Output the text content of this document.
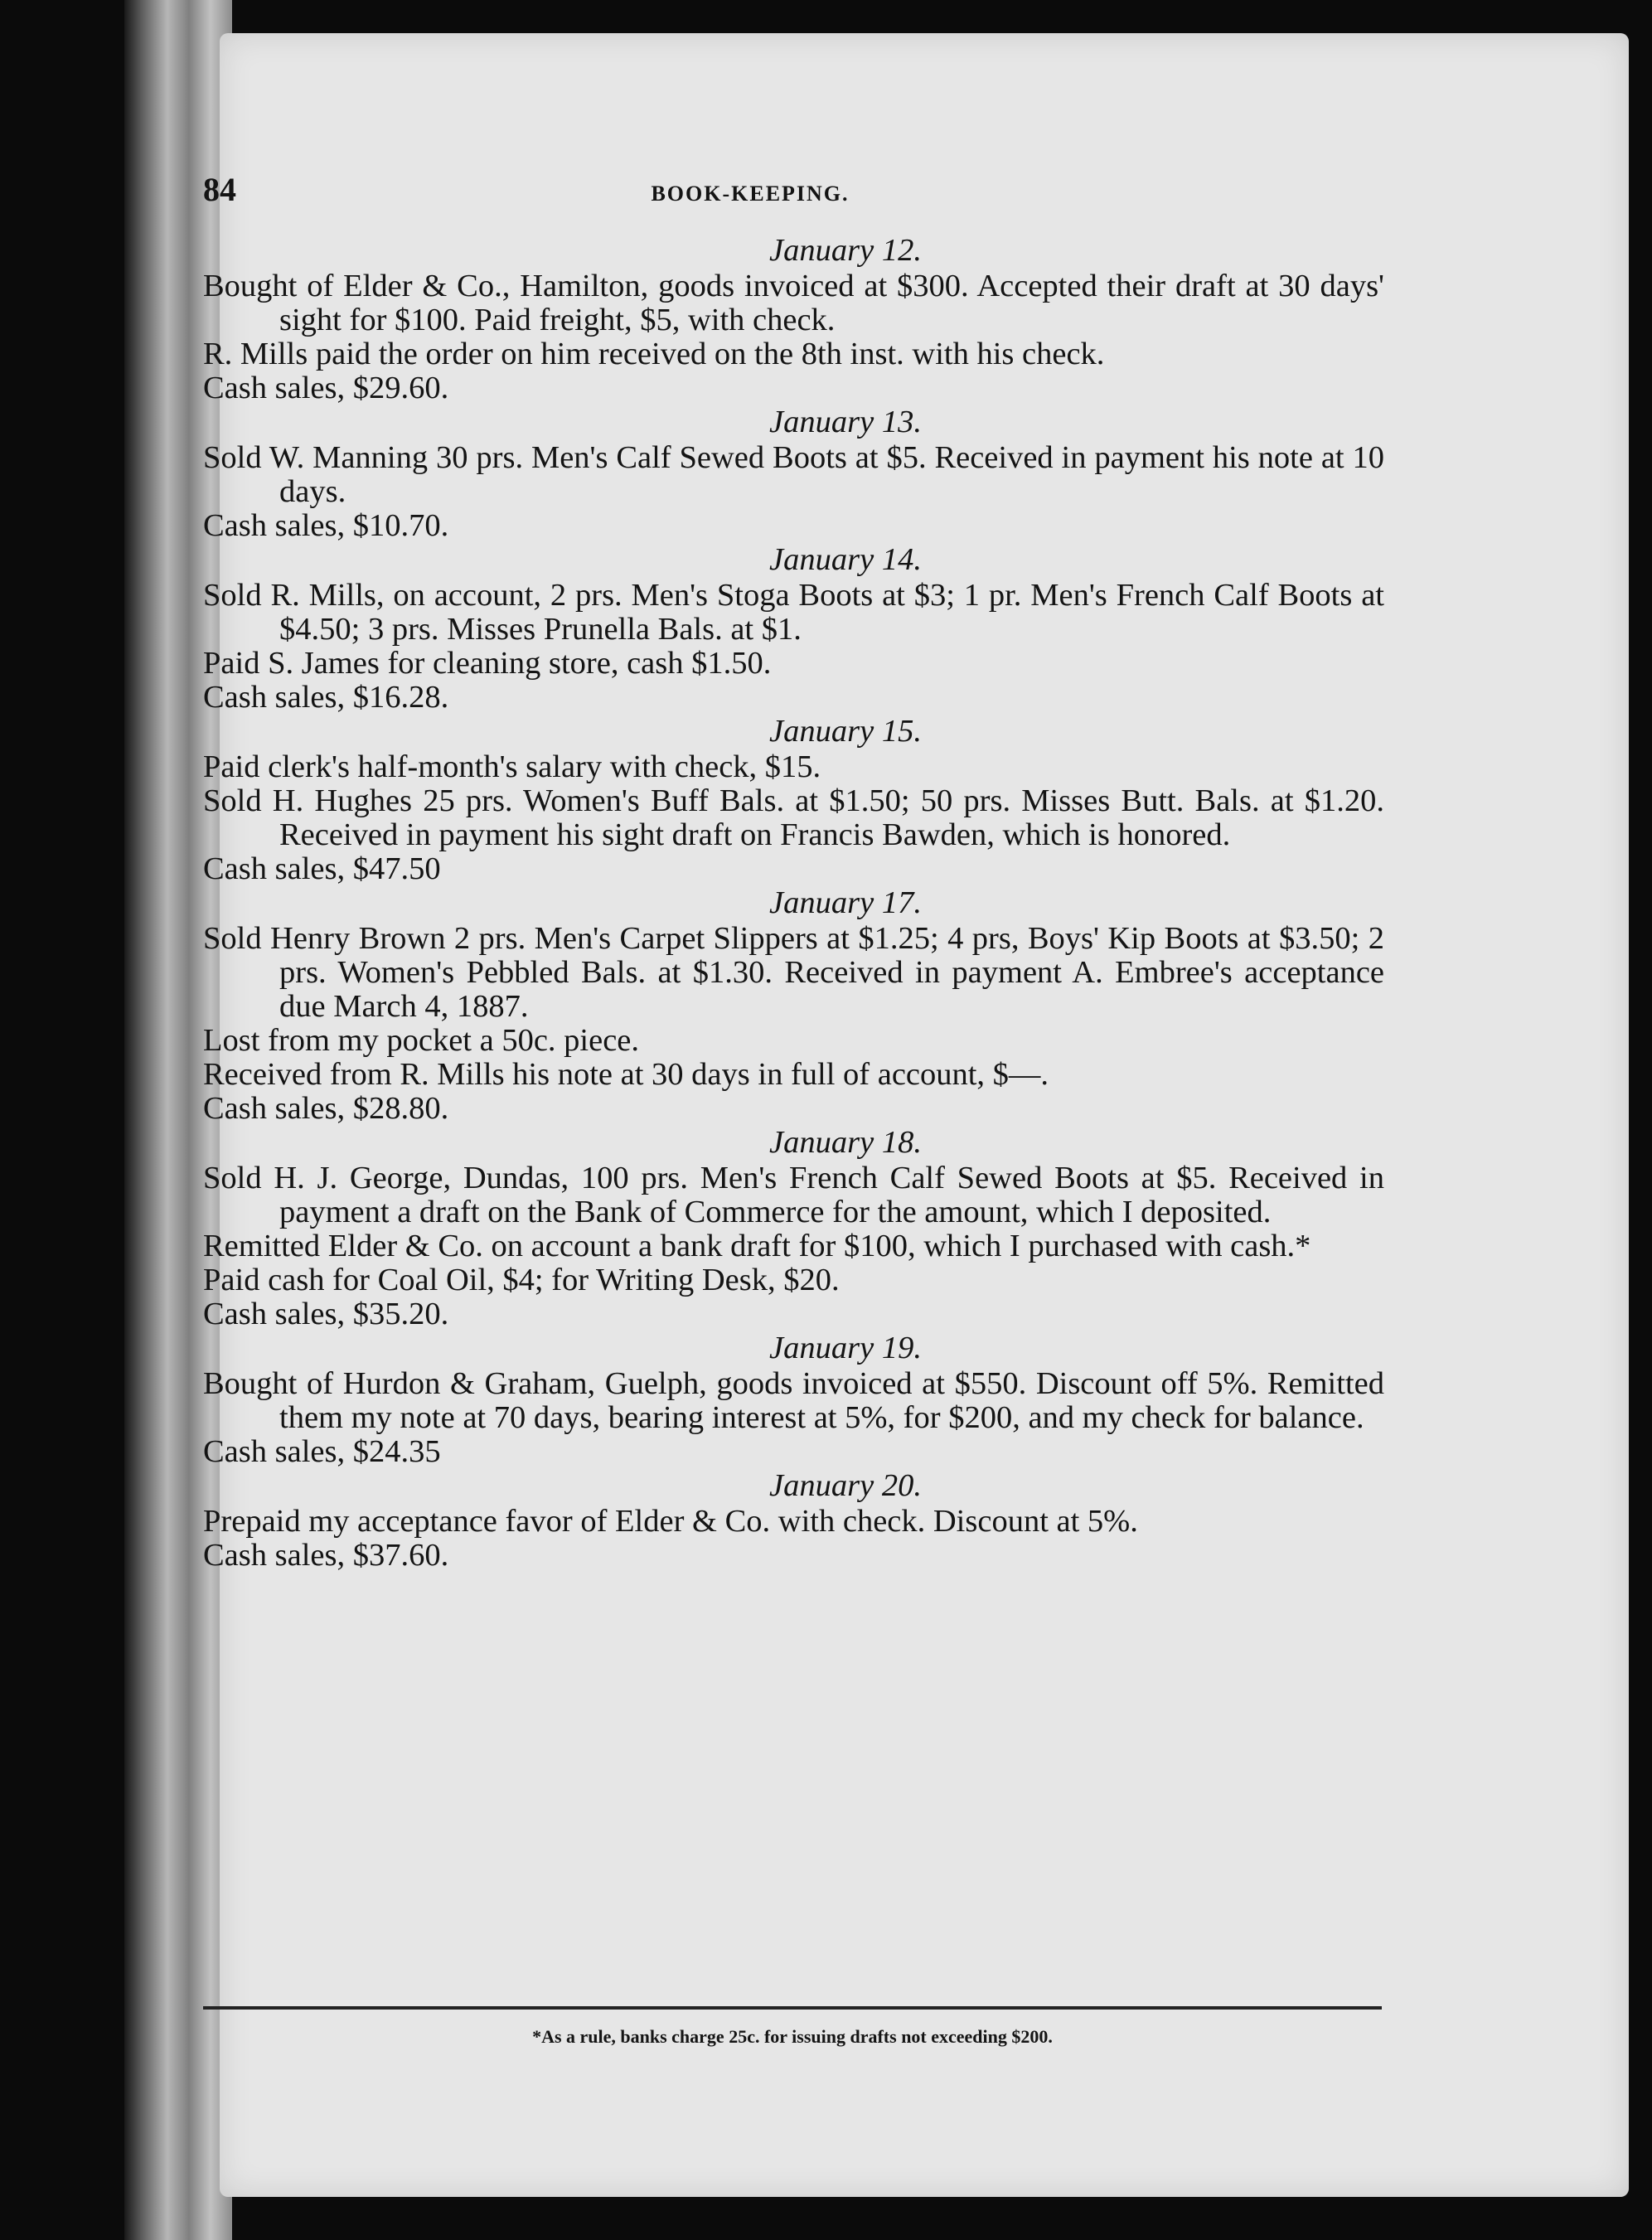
84	BOOK-KEEPING.
January 12.
Bought of Elder & Co., Hamilton, goods invoiced at $300. Accepted their draft at 30 days' sight for $100. Paid freight, $5, with check.
R. Mills paid the order on him received on the 8th inst. with his check.
Cash sales, $29.60.
January 13.
Sold W. Manning 30 prs. Men's Calf Sewed Boots at $5. Received in payment his note at 10 days.
Cash sales, $10.70.
January 14.
Sold R. Mills, on account, 2 prs. Men's Stoga Boots at $3; 1 pr. Men's French Calf Boots at $4.50; 3 prs. Misses Prunella Bals. at $1.
Paid S. James for cleaning store, cash $1.50.
Cash sales, $16.28.
January 15.
Paid clerk's half-month's salary with check, $15.
Sold H. Hughes 25 prs. Women's Buff Bals. at $1.50; 50 prs. Misses Butt. Bals. at $1.20. Received in payment his sight draft on Francis Bawden, which is honored.
Cash sales, $47.50
January 17.
Sold Henry Brown 2 prs. Men's Carpet Slippers at $1.25; 4 prs, Boys' Kip Boots at $3.50; 2 prs. Women's Pebbled Bals. at $1.30. Received in payment A. Embree's acceptance due March 4, 1887.
Lost from my pocket a 50c. piece.
Received from R. Mills his note at 30 days in full of account, $—.
Cash sales, $28.80.
January 18.
Sold H. J. George, Dundas, 100 prs. Men's French Calf Sewed Boots at $5. Received in payment a draft on the Bank of Commerce for the amount, which I deposited.
Remitted Elder & Co. on account a bank draft for $100, which I purchased with cash.*
Paid cash for Coal Oil, $4; for Writing Desk, $20.
Cash sales, $35.20.
January 19.
Bought of Hurdon & Graham, Guelph, goods invoiced at $550. Discount off 5%. Remitted them my note at 70 days, bearing interest at 5%, for $200, and my check for balance.
Cash sales, $24.35
January 20.
Prepaid my acceptance favor of Elder & Co. with check. Discount at 5%.
Cash sales, $37.60.
*As a rule, banks charge 25c. for issuing drafts not exceeding $200.
